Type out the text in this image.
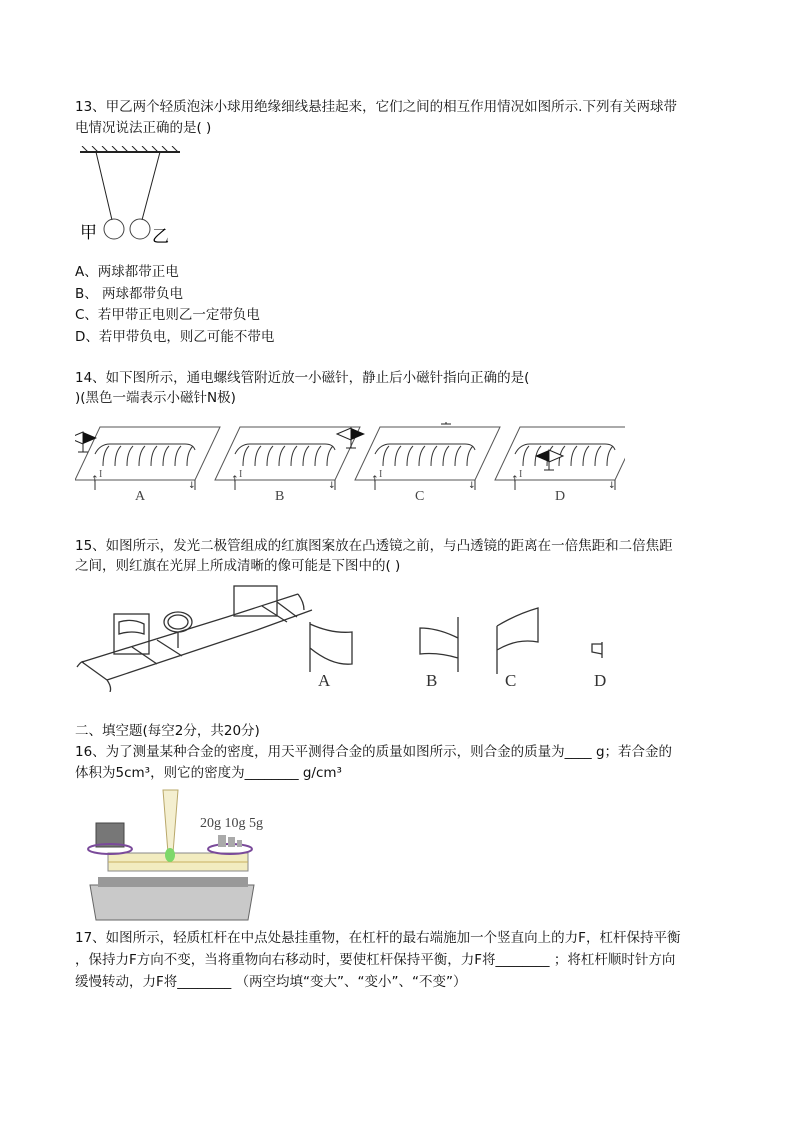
13、甲乙两个轻质泡沫小球用绝缘细线悬挂起来，它们之间的相互作用情况如图所示.下列有关两球带
电情况说法正确的是( )
甲	乙
A、两球都带正电
B、 两球都带负电
C、若甲带正电则乙一定带负电
D、若甲带负电，则乙可能不带电
14、如下图所示，通电螺线管附近放一小磁针，静止后小磁针指向正确的是(
)(黑色一端表示小磁针N极)
↑
↓
I
A
↑
↓
I
B
↑
↓
I
C
↑
↓
I
D
15、如图所示，发光二极管组成的红旗图案放在凸透镜之前，与凸透镜的距离在一倍焦距和二倍焦距
之间，则红旗在光屏上所成清晰的像可能是下图中的( )
A	B	C	D
二、填空题(每空2分，共20分)
16、为了测量某种合金的密度，用天平测得合金的质量如图所示，则合金的质量为____ g；若合金的
体积为5cm³，则它的密度为________ g/cm³
20g 10g 5g
17、如图所示，轻质杠杆在中点处悬挂重物，在杠杆的最右端施加一个竖直向上的力F，杠杆保持平衡
，保持力F方向不变，当将重物向右移动时，要使杠杆保持平衡，力F将________ ；将杠杆顺时针方向
缓慢转动，力F将________ （两空均填“变大”、“变小”、“不变”）
